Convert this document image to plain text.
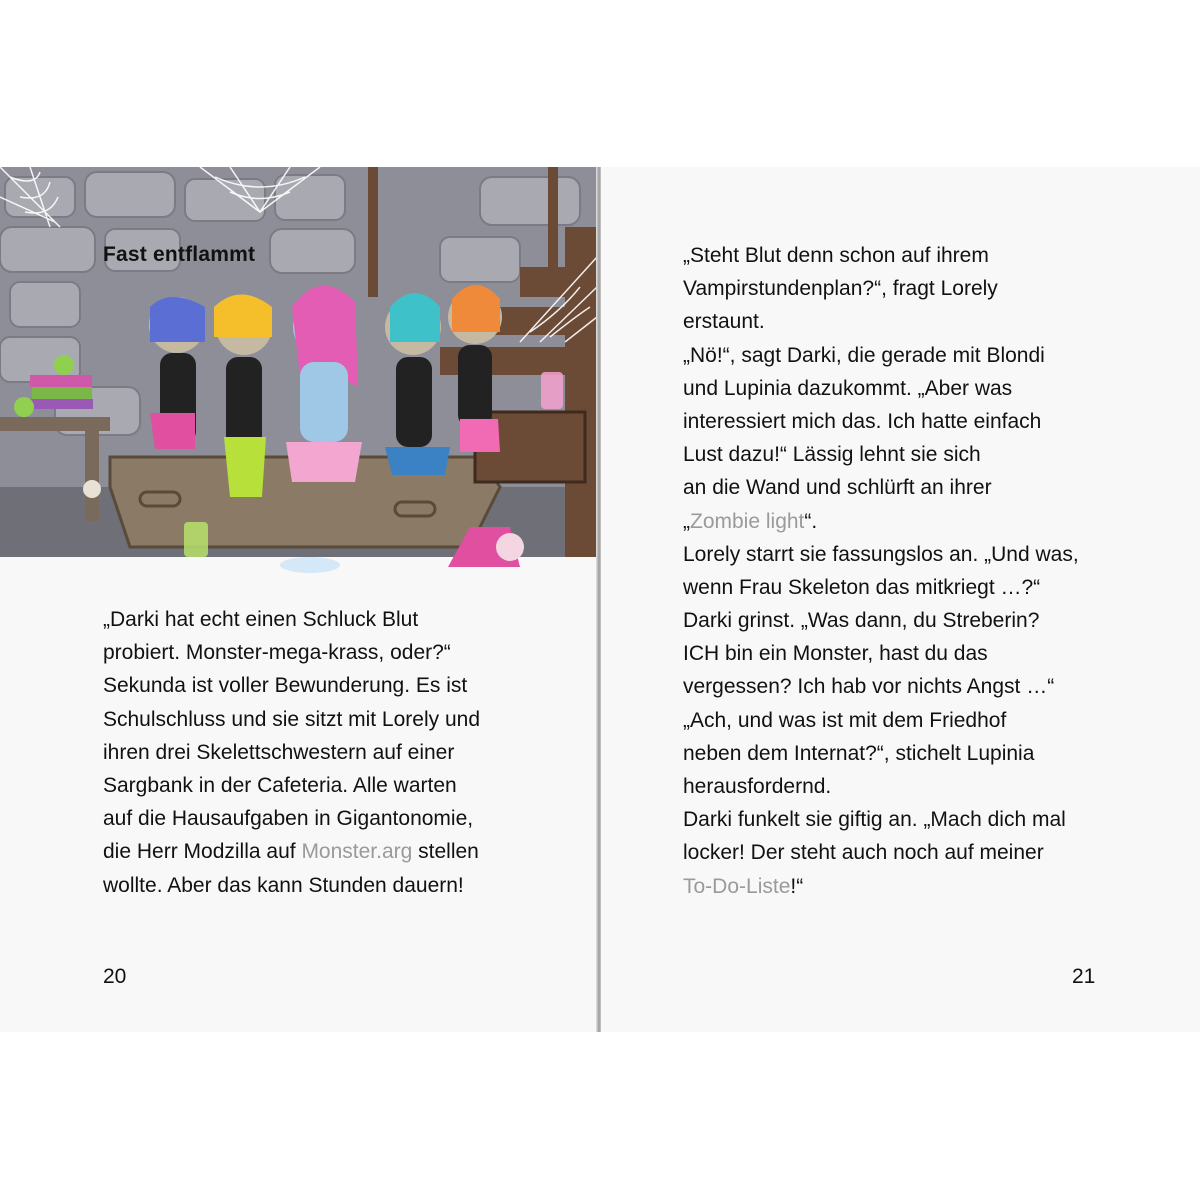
Fast entflammt
„Darki hat echt einen Schluck Blut
probiert. Monster-mega-krass, oder?“
Sekunda ist voller Bewunderung. Es ist
Schulschluss und sie sitzt mit Lorely und
ihren drei Skelettschwestern auf einer
Sargbank in der Cafeteria. Alle warten
auf die Hausaufgaben in Gigantonomie,
die Herr Modzilla auf Monster.arg stellen
wollte. Aber das kann Stunden dauern!
20
„Steht Blut denn schon auf ihrem
Vampirstundenplan?“, fragt Lorely
erstaunt.
„Nö!“, sagt Darki, die gerade mit Blondi
und Lupinia dazukommt. „Aber was
interessiert mich das. Ich hatte einfach
Lust dazu!“ Lässig lehnt sie sich
an die Wand und schlürft an ihrer
„Zombie light“.
Lorely starrt sie fassungslos an. „Und was,
wenn Frau Skeleton das mitkriegt …?“
Darki grinst. „Was dann, du Streberin?
ICH bin ein Monster, hast du das
vergessen? Ich hab vor nichts Angst …“
„Ach, und was ist mit dem Friedhof
neben dem Internat?“, stichelt Lupinia
herausfordernd.
Darki funkelt sie giftig an. „Mach dich mal
locker! Der steht auch noch auf meiner
To-Do-Liste!“
21
